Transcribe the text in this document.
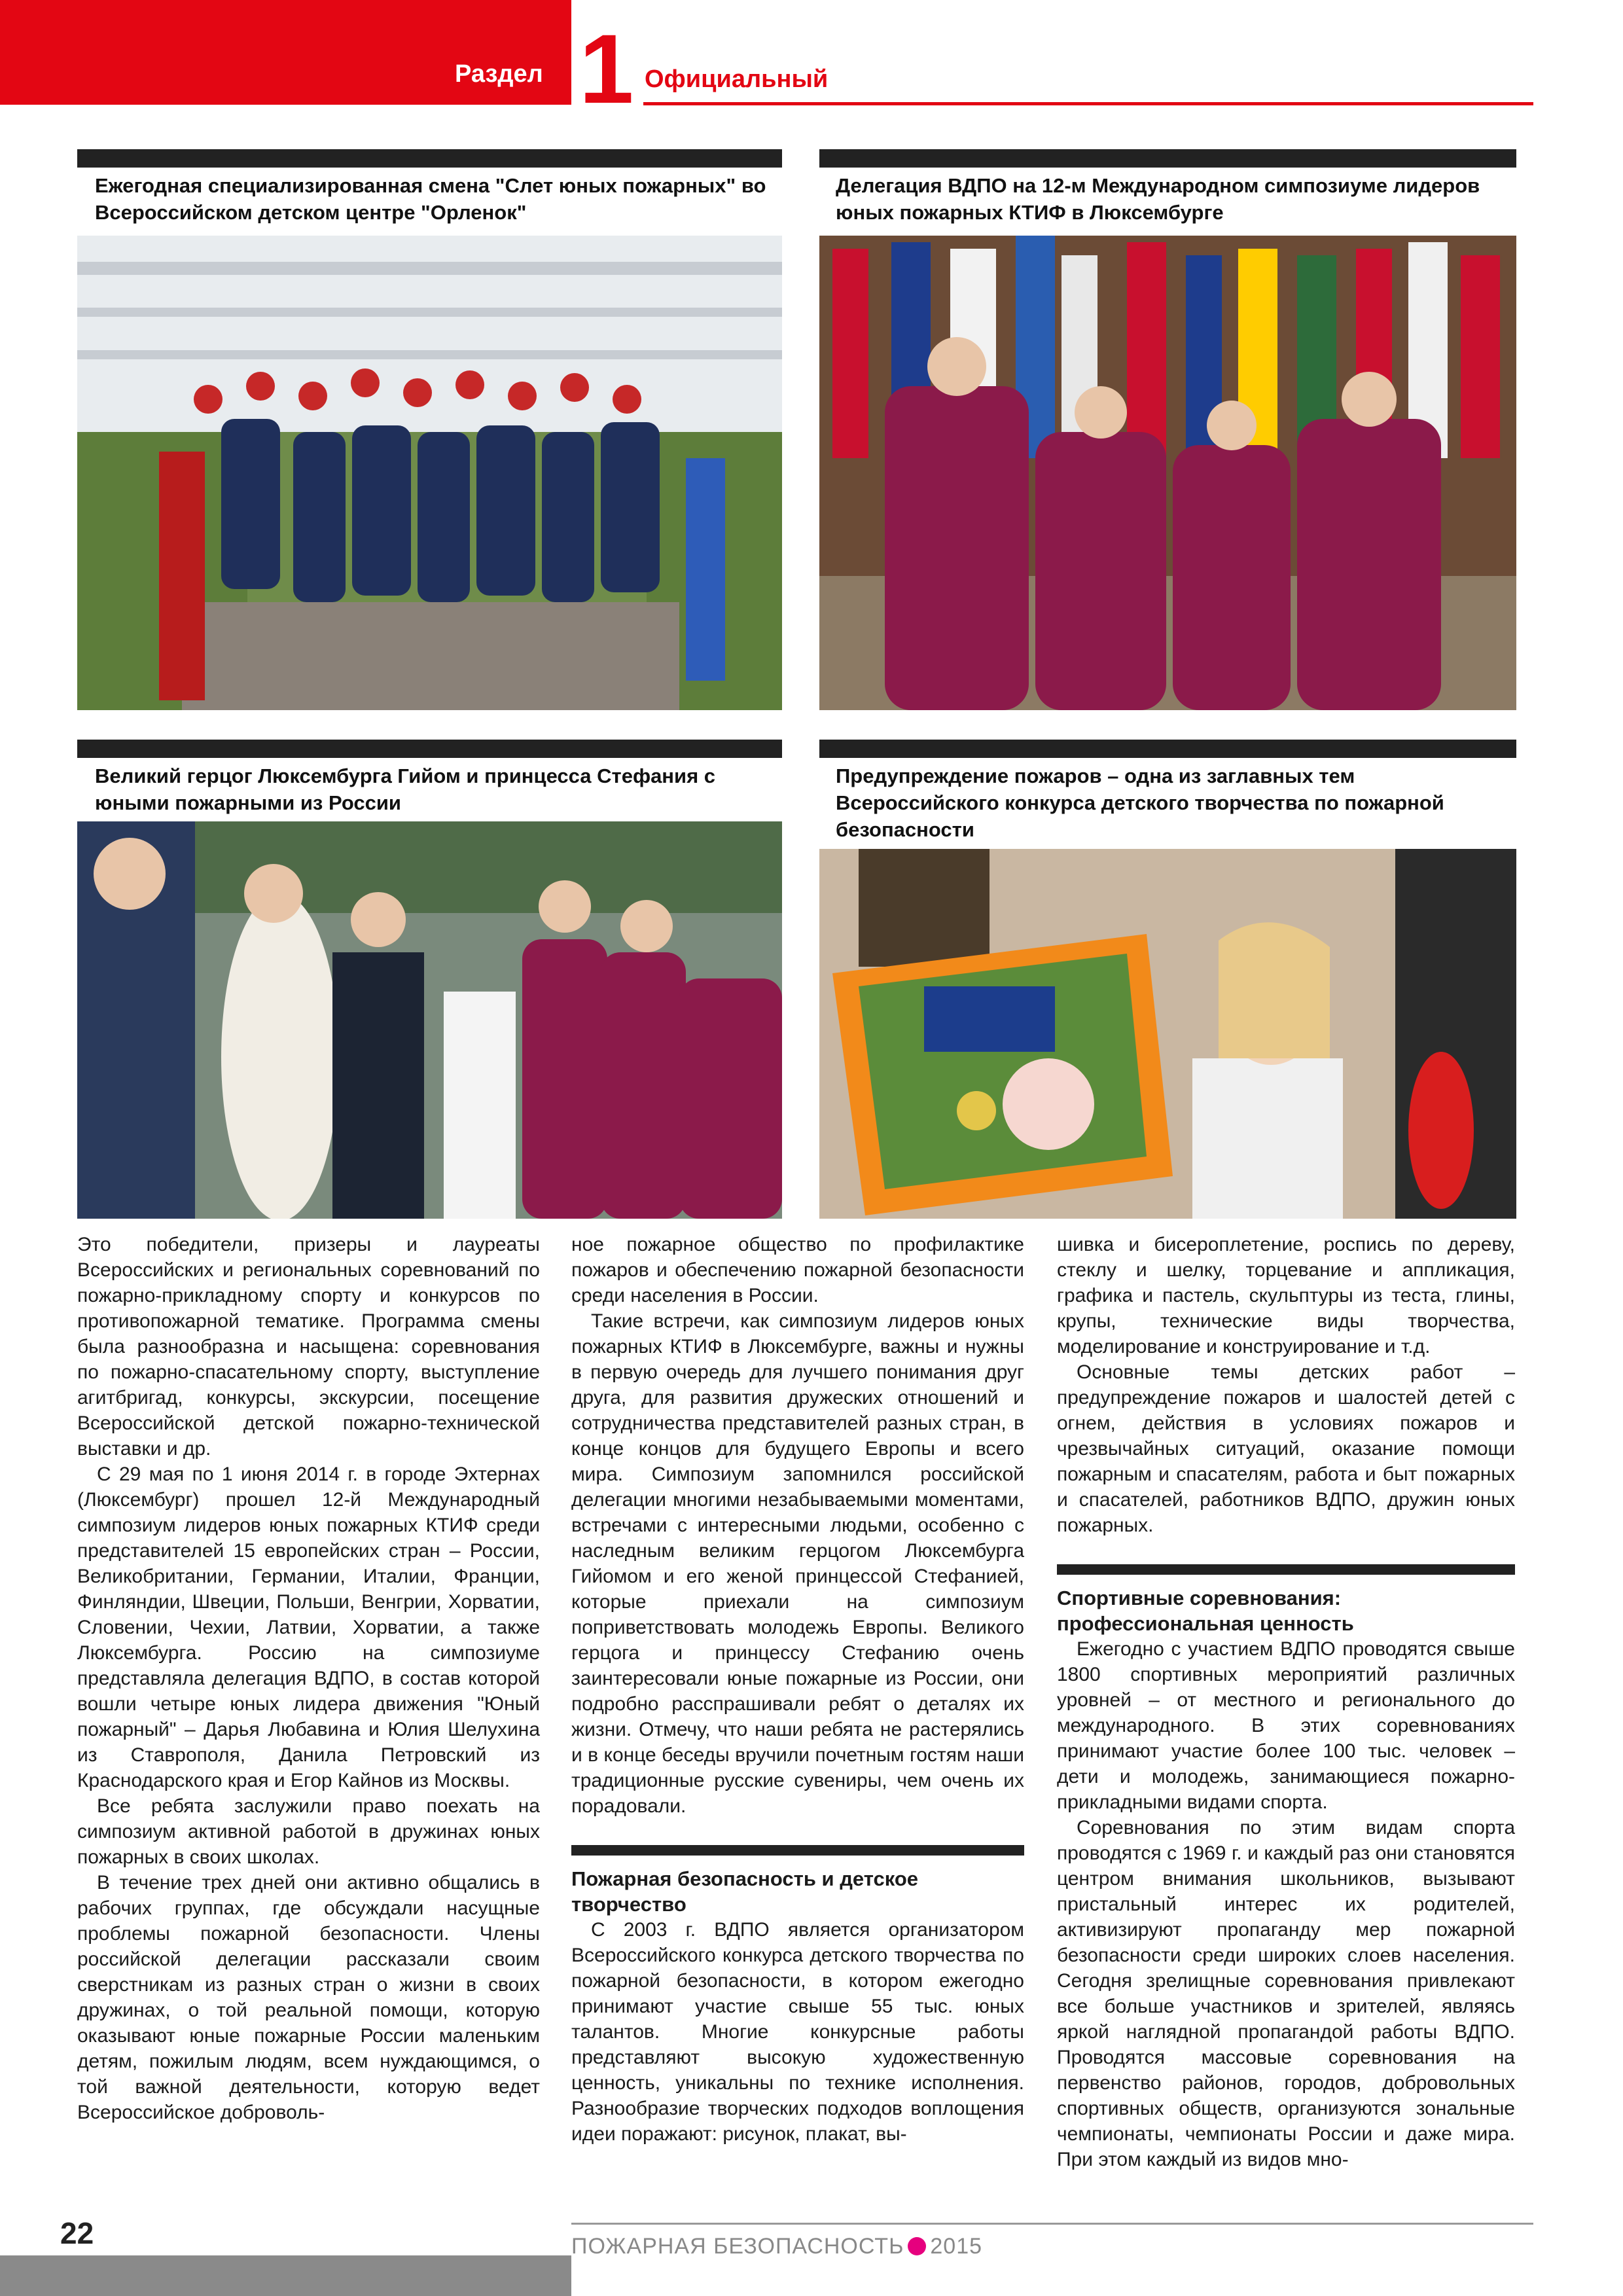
Раздел 1 Официальный
Ежегодная специализированная смена "Слет юных пожарных" во Всероссийском детском центре "Орленок"
Делегация ВДПО на 12-м Международном симпозиуме лидеров юных пожарных КТИФ в Люксембурге
Великий герцог Люксембурга Гийом и принцесса Стефания с юными пожарными из России
Предупреждение пожаров – одна из заглавных тем Всероссийского конкурса детского творчества по пожарной безопасности

Это победители, призеры и лауреаты Всероссийских и региональных соревнований по пожарно-прикладному спорту и конкурсов по противопожарной тематике. Программа смены была разнообразна и насыщена: соревнования по пожарно-спасательному спорту, выступление агитбригад, конкурсы, экскурсии, посещение Всероссийской детской пожарно-технической выставки и др.

С 29 мая по 1 июня 2014 г. в городе Эхтернах (Люксембург) прошел 12-й Международный симпозиум лидеров юных пожарных КТИФ среди представителей 15 европейских стран – России, Великобритании, Германии, Италии, Франции, Финляндии, Швеции, Польши, Венгрии, Хорватии, Словении, Чехии, Латвии, Хорватии, а также Люксембурга. Россию на симпозиуме представляла делегация ВДПО, в состав которой вошли четыре юных лидера движения "Юный пожарный" – Дарья Любавина и Юлия Шелухина из Ставрополя, Данила Петровский из Краснодарского края и Егор Кайнов из Москвы.

Все ребята заслужили право поехать на симпозиум активной работой в дружинах юных пожарных в своих школах.

В течение трех дней они активно общались в рабочих группах, где обсуждали насущные проблемы пожарной безопасности. Члены российской делегации рассказали своим сверстникам из разных стран о жизни в своих дружинах, о той реальной помощи, которую оказывают юные пожарные России маленьким детям, пожилым людям, всем нуждающимся, о той важной деятельности, которую ведет Всероссийское доброволь-

ное пожарное общество по профилактике пожаров и обеспечению пожарной безопасности среди населения в России.

Такие встречи, как симпозиум лидеров юных пожарных КТИФ в Люксембурге, важны и нужны в первую очередь для лучшего понимания друг друга, для развития дружеских отношений и сотрудничества представителей разных стран, в конце концов для будущего Европы и всего мира. Симпозиум запомнился российской делегации многими незабываемыми моментами, встречами с интересными людьми, особенно с наследным великим герцогом Люксембурга Гийомом и его женой принцессой Стефанией, которые приехали на симпозиум поприветствовать молодежь Европы. Великого герцога и принцессу Стефанию очень заинтересовали юные пожарные из России, они подробно расспрашивали ребят о деталях их жизни. Отмечу, что наши ребята не растерялись и в конце беседы вручили почетным гостям наши традиционные русские сувениры, чем очень их порадовали.

Пожарная безопасность и детское творчество

С 2003 г. ВДПО является организатором Всероссийского конкурса детского творчества по пожарной безопасности, в котором ежегодно принимают участие свыше 55 тыс. юных талантов. Многие конкурсные работы представляют высокую художественную ценность, уникальны по технике исполнения. Разнообразие творческих подходов воплощения идеи поражают: рисунок, плакат, вы-

шивка и бисероплетение, роспись по дереву, стеклу и шелку, торцевание и аппликация, графика и пастель, скульптуры из теста, глины, крупы, технические виды творчества, моделирование и конструирование и т.д.

Основные темы детских работ – предупреждение пожаров и шалостей детей с огнем, действия в условиях пожаров и чрезвычайных ситуаций, оказание помощи пожарным и спасателям, работа и быт пожарных и спасателей, работников ВДПО, дружин юных пожарных.

Спортивные соревнования: профессиональная ценность

Ежегодно с участием ВДПО проводятся свыше 1800 спортивных мероприятий различных уровней – от местного и регионального до международного. В этих соревнованиях принимают участие более 100 тыс. человек – дети и молодежь, занимающиеся пожарно-прикладными видами спорта.

Соревнования по этим видам спорта проводятся с 1969 г. и каждый раз они становятся центром внимания школьников, вызывают пристальный интерес их родителей, активизируют пропаганду мер пожарной безопасности среди широких слоев населения. Сегодня зрелищные соревнования привлекают все больше участников и зрителей, являясь яркой наглядной пропагандой работы ВДПО. Проводятся массовые соревнования на первенство районов, городов, добровольных спортивных обществ, организуются зональные чемпионаты, чемпионаты России и даже мира. При этом каждый из видов мно-

22	ПОЖАРНАЯ БЕЗОПАСНОСТЬ 2015
